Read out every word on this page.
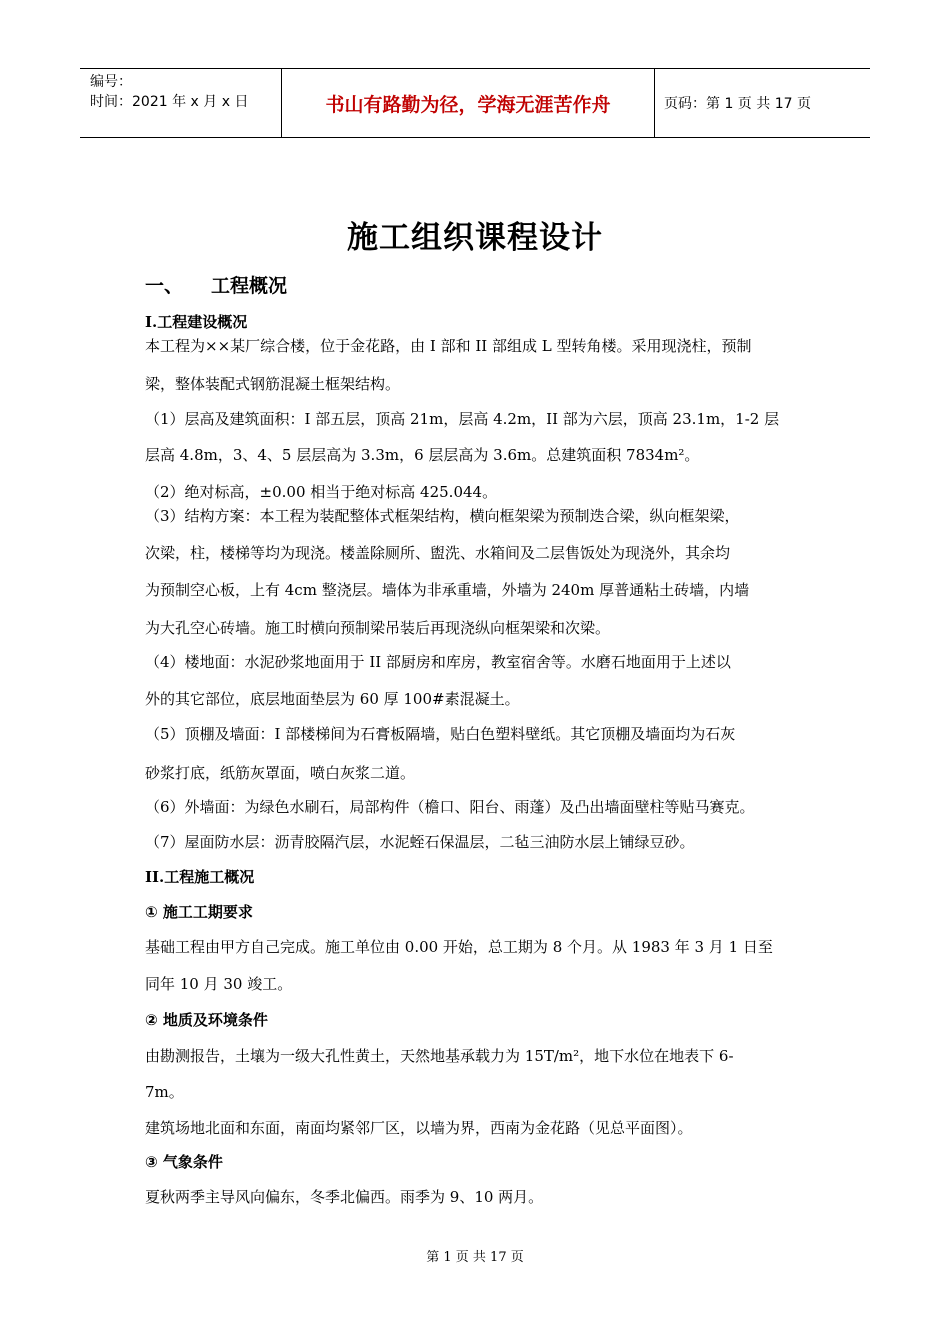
编号：
时间：2021 年 x 月 x 日	书山有路勤为径，学海无涯苦作舟	页码：第 1 页 共 17 页
施工组织课程设计
一、 工程概况
I.工程建设概况
本工程为××某厂综合楼，位于金花路，由 I 部和 II 部组成 L 型转角楼。采用现浇柱，预制
梁，整体装配式钢筋混凝土框架结构。
（1）层高及建筑面积：I 部五层，顶高 21m，层高 4.2m，II 部为六层，顶高 23.1m，1-2 层
层高 4.8m，3、4、5 层层高为 3.3m，6 层层高为 3.6m。总建筑面积 7834m²。
（2）绝对标高，±0.00 相当于绝对标高 425.044。
（3）结构方案：本工程为装配整体式框架结构，横向框架梁为预制迭合梁，纵向框架梁，
次梁，柱，楼梯等均为现浇。楼盖除厕所、盥洗、水箱间及二层售饭处为现浇外，其余均
为预制空心板，上有 4cm 整浇层。墙体为非承重墙，外墙为 240m 厚普通粘土砖墙，内墙
为大孔空心砖墙。施工时横向预制梁吊装后再现浇纵向框架梁和次梁。
（4）楼地面：水泥砂浆地面用于 II 部厨房和库房，教室宿舍等。水磨石地面用于上述以
外的其它部位，底层地面垫层为 60 厚 100#素混凝土。
（5）顶棚及墙面：I 部楼梯间为石膏板隔墙，贴白色塑料壁纸。其它顶棚及墙面均为石灰
砂浆打底，纸筋灰罩面，喷白灰浆二道。
（6）外墙面：为绿色水刷石，局部构件（檐口、阳台、雨蓬）及凸出墙面壁柱等贴马赛克。
（7）屋面防水层：沥青胶隔汽层，水泥蛭石保温层，二毡三油防水层上铺绿豆砂。
II.工程施工概况
① 施工工期要求
基础工程由甲方自己完成。施工单位由 0.00 开始，总工期为 8 个月。从 1983 年 3 月 1 日至
同年 10 月 30 竣工。
② 地质及环境条件
由勘测报告，土壤为一级大孔性黄土，天然地基承载力为 15T/m²，地下水位在地表下 6-
7m。
建筑场地北面和东面，南面均紧邻厂区，以墙为界，西南为金花路（见总平面图）。
③ 气象条件
夏秋两季主导风向偏东，冬季北偏西。雨季为 9、10 两月。
第 1 页 共 17 页
